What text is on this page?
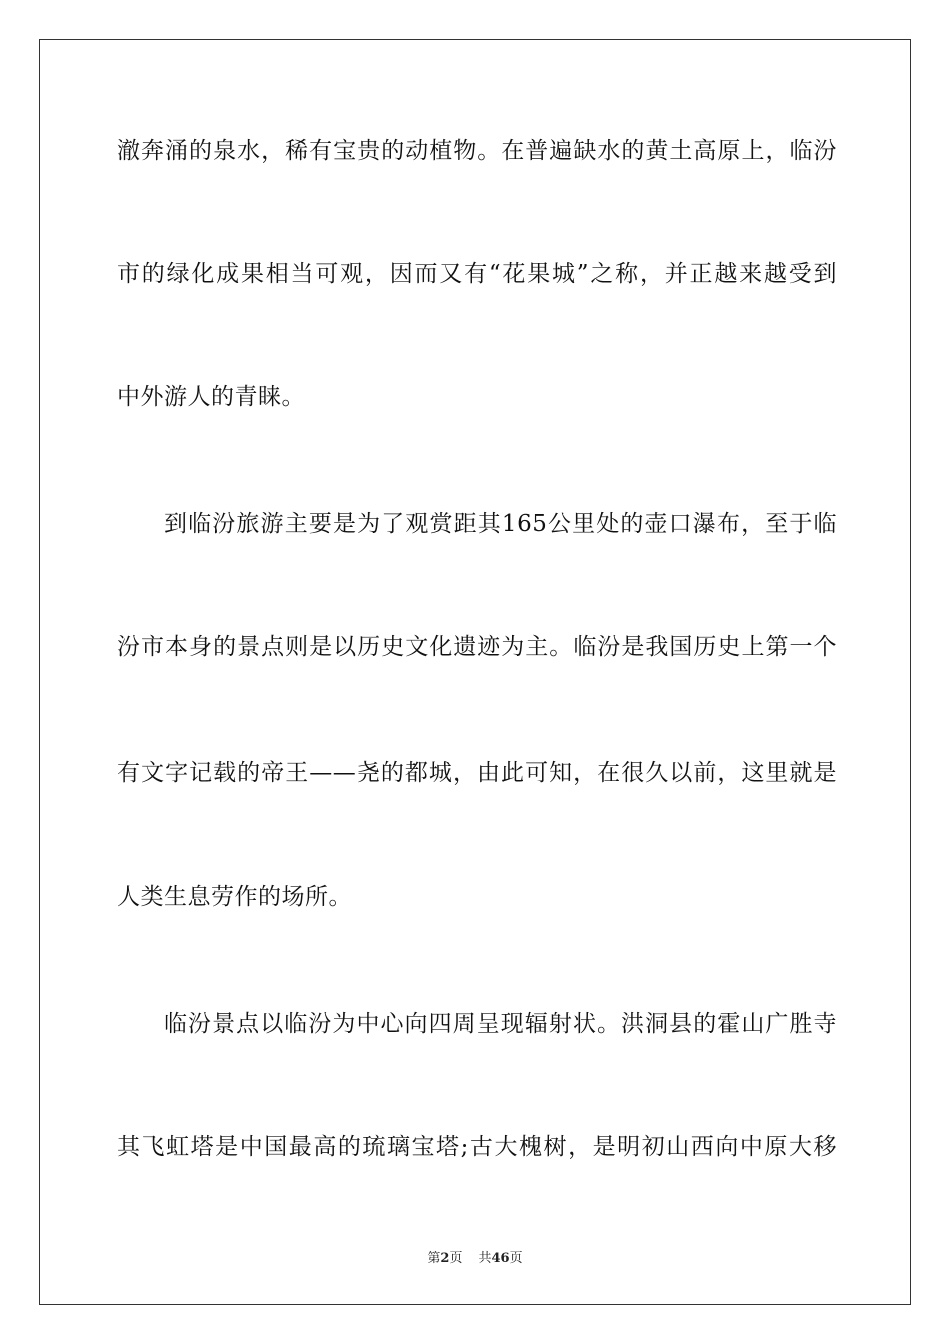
澈奔涌的泉水，稀有宝贵的动植物。在普遍缺水的黄土高原上，临汾
市的绿化成果相当可观，因而又有“花果城”之称，并正越来越受到
中外游人的青睐。
到临汾旅游主要是为了观赏距其165公里处的壶口瀑布，至于临
汾市本身的景点则是以历史文化遗迹为主。临汾是我国历史上第一个
有文字记载的帝王——尧的都城，由此可知，在很久以前，这里就是
人类生息劳作的场所。
临汾景点以临汾为中心向四周呈现辐射状。洪洞县的霍山广胜寺
其飞虹塔是中国最高的琉璃宝塔;古大槐树，是明初山西向中原大移
第2页 共46页
